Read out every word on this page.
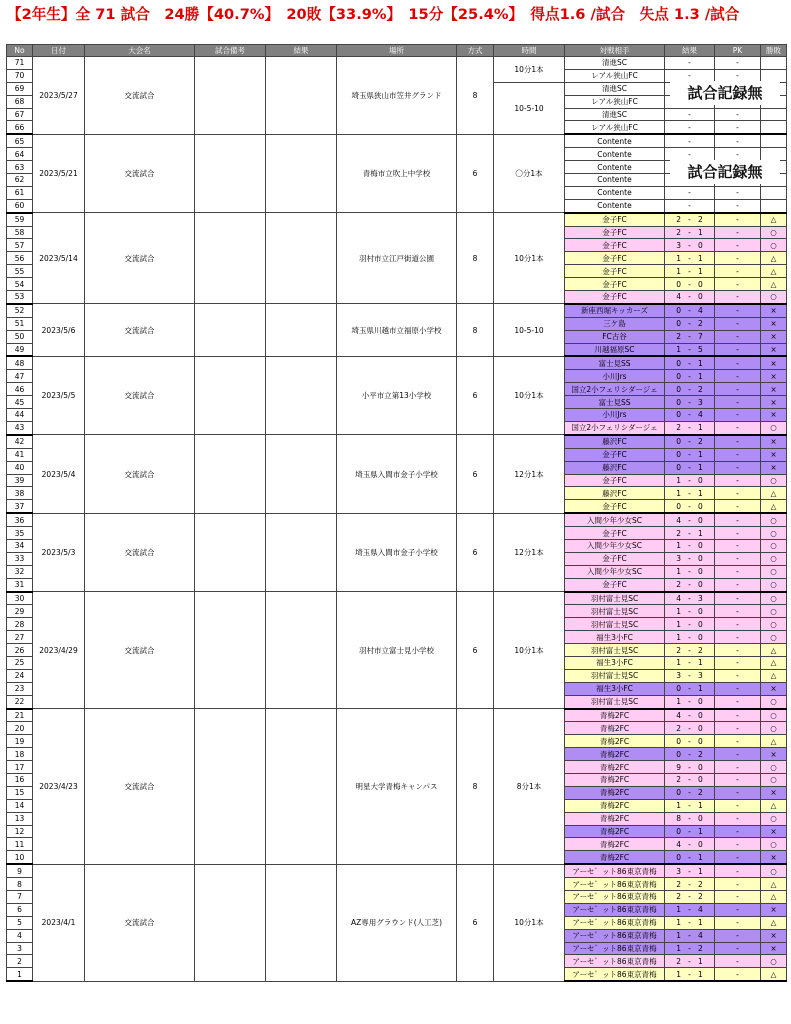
【2年生】全 71 試合　24勝【40.7%】　20敗【33.9%】　15分【25.4%】　得点1.6 /試合　失点 1.3 /試合
No	日付	大会名	試合備考	結果	場所	方式	時間	対戦相手	結果	PK	勝敗
71	2023/5/27	交流試合			埼玉県狭山市笠井グランド	8	10分1本	清進SC	-	-	
70								レアル狭山FC	-	-	
69							10-5-10	清進SC			
68								レアル狭山FC			
67								清進SC	-	-	
66								レアル狭山FC	-	-	
65	2023/5/21	交流試合			青梅市立吹上中学校	6	〇分1本	Contente	-	-	
64								Contente	-	-	
63								Contente			
62								Contente			
61								Contente	-	-	
60								Contente	-	-	
59	2023/5/14	交流試合			羽村市立江戸街道公園	8	10分1本	金子FC	2   -   2	-	△
58								金子FC	2   -   1	-	○
57								金子FC	3   -   0	-	○
56								金子FC	1   -   1	-	△
55								金子FC	1   -   1	-	△
54								金子FC	0   -   0	-	△
53								金子FC	4   -   0	-	○
52	2023/5/6	交流試合			埼玉県川越市立福原小学校	8	10-5-10	新座西堀キッカーズ	0   -   4	-	×
51								三ケ島	0   -   2	-	×
50								FC古谷	2   -   7	-	×
49								川越福原SC	1   -   5	-	×
48	2023/5/5	交流試合			小平市立第13小学校	6	10分1本	富士見SS	0   -   1	-	×
47								小川Jrs	0   -   1	-	×
46								国立2小フェリシダージェ	0   -   2	-	×
45								富士見SS	0   -   3	-	×
44								小川Jrs	0   -   4	-	×
43								国立2小フェリシダージェ	2   -   1	-	○
42	2023/5/4	交流試合			埼玉県入間市金子小学校	6	12分1本	藤沢FC	0   -   2	-	×
41								金子FC	0   -   1	-	×
40								藤沢FC	0   -   1	-	×
39								金子FC	1   -   0	-	○
38								藤沢FC	1   -   1	-	△
37								金子FC	0   -   0	-	△
36	2023/5/3	交流試合			埼玉県入間市金子小学校	6	12分1本	入間少年少女SC	4   -   0	-	○
35								金子FC	2   -   1	-	○
34								入間少年少女SC	1   -   0	-	○
33								金子FC	3   -   0	-	○
32								入間少年少女SC	1   -   0	-	○
31								金子FC	2   -   0	-	○
30	2023/4/29	交流試合			羽村市立富士見小学校	6	10分1本	羽村富士見SC	4   -   3	-	○
29								羽村富士見SC	1   -   0	-	○
28								羽村富士見SC	1   -   0	-	○
27								福生3小FC	1   -   0	-	○
26								羽村富士見SC	2   -   2	-	△
25								福生3小FC	1   -   1	-	△
24								羽村富士見SC	3   -   3	-	△
23								福生3小FC	0   -   1	-	×
22								羽村富士見SC	1   -   0	-	○
21	2023/4/23	交流試合			明星大学青梅キャンパス	8	8分1本	青梅2FC	4   -   0	-	○
20								青梅2FC	2   -   0	-	○
19								青梅2FC	0   -   0	-	△
18								青梅2FC	0   -   2	-	×
17								青梅2FC	9   -   0	-	○
16								青梅2FC	2   -   0	-	○
15								青梅2FC	0   -   2	-	×
14								青梅2FC	1   -   1	-	△
13								青梅2FC	8   -   0	-	○
12								青梅2FC	0   -   1	-	×
11								青梅2FC	4   -   0	-	○
10								青梅2FC	0   -   1	-	×
9	2023/4/1	交流試合			AZ専用グラウンド(人工芝)	6	10分1本	アーセ゛ット86東京青梅	3   -   1	-	○
8								アーセ゛ット86東京青梅	2   -   2	-	△
7								アーセ゛ット86東京青梅	2   -   2	-	△
6								アーセ゛ット86東京青梅	1   -   4	-	×
5								アーセ゛ット86東京青梅	1   -   1	-	△
4								アーセ゛ット86東京青梅	1   -   4	-	×
3								アーセ゛ット86東京青梅	1   -   2	-	×
2								アーセ゛ット86東京青梅	2   -   1	-	○
1								アーセ゛ット86東京青梅	1   -   1	-	△
試合記録無
試合記録無
